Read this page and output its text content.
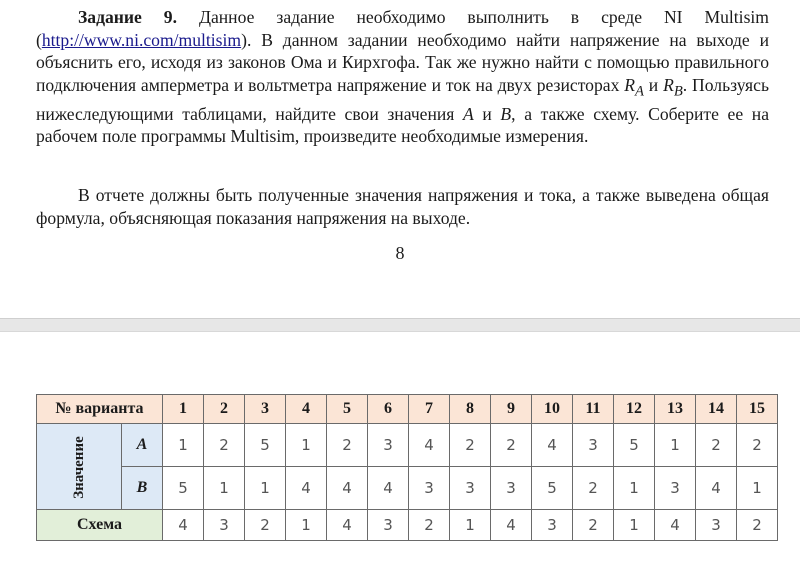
Задание 9. Данное задание необходимо выполнить в среде NI Multisim (http://www.ni.com/multisim). В данном задании необходимо найти напряжение на выходе и объяснить его, исходя из законов Ома и Кирхгофа. Так же нужно найти с помощью правильного подключения амперметра и вольтметра напряжение и ток на двух резисторах $R_A$ и $R_B$. Пользуясь нижеследующими таблицами, найдите свои значения A и B, а также схему. Соберите ее на рабочем поле программы Multisim, произведите необходимые измерения.

В отчете должны быть полученные значения напряжения и тока, а также выведена общая формула, объясняющая показания напряжения на выходе.

8
№ варианта		1	2	3	4	5	6	7	8	9	10	11	12	13	14	15
Значение	A	1	2	5	1	2	3	4	2	2	4	3	5	1	2	2
	B	5	1	1	4	4	4	3	3	3	5	2	1	3	4	1
Схема		4	3	2	1	4	3	2	1	4	3	2	1	4	3	2
